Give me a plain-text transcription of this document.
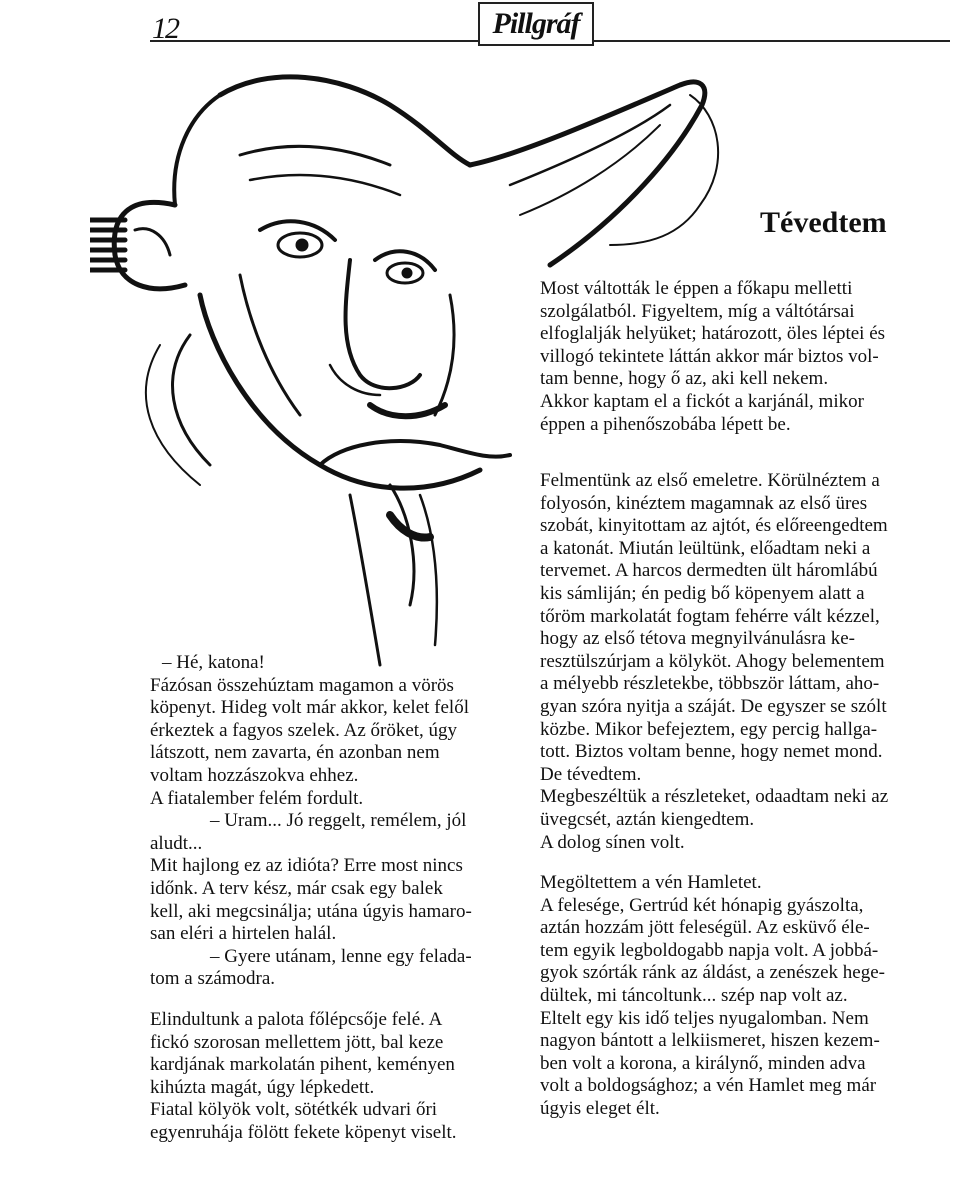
12	Pillgráf
Tévedtem

Most váltották le éppen a főkapu melletti

szolgálatból. Figyeltem, míg a váltótársai

elfoglalják helyüket; határozott, öles léptei és

villogó tekintete láttán akkor már biztos vol-

tam benne, hogy ő az, aki kell nekem.

Akkor kaptam el a fickót a karjánál, mikor

éppen a pihenőszobába lépett be.

Felmentünk az első emeletre. Körülnéztem a

folyosón, kinéztem magamnak az első üres

szobát, kinyitottam az ajtót, és előreengedtem

a katonát. Miután leültünk, előadtam neki a

tervemet. A harcos dermedten ült háromlábú

kis sámliján; én pedig bő köpenyem alatt a

tőröm markolatát fogtam fehérre vált kézzel,

hogy az első tétova megnyilvánulásra ke-

resztülszúrjam a kölyköt. Ahogy belementem

a mélyebb részletekbe, többször láttam, aho-

gyan szóra nyitja a száját. De egyszer se szólt

közbe. Mikor befejeztem, egy percig hallga-

tott. Biztos voltam benne, hogy nemet mond.

De tévedtem.

Megbeszéltük a részleteket, odaadtam neki az

üvegcsét, aztán kiengedtem.

A dolog sínen volt.

Megöltettem a vén Hamletet.

A felesége, Gertrúd két hónapig gyászolta,

aztán hozzám jött feleségül. Az esküvő éle-

tem egyik legboldogabb napja volt. A jobbá-

gyok szórták ránk az áldást, a zenészek hege-

dültek, mi táncoltunk... szép nap volt az.

Eltelt egy kis idő teljes nyugalomban. Nem

nagyon bántott a lelkiismeret, hiszen kezem-

ben volt a korona, a királynő, minden adva

volt a boldogsághoz; a vén Hamlet meg már

úgyis eleget élt.

– Hé, katona!

Fázósan összehúztam magamon a vörös

köpenyt. Hideg volt már akkor, kelet felől

érkeztek a fagyos szelek. Az őröket, úgy

látszott, nem zavarta, én azonban nem

voltam hozzászokva ehhez.

A fiatalember felém fordult.

– Uram... Jó reggelt, remélem, jól

aludt...

Mit hajlong ez az idióta? Erre most nincs

időnk. A terv kész, már csak egy balek

kell, aki megcsinálja; utána úgyis hamaro-

san eléri a hirtelen halál.

– Gyere utánam, lenne egy felada-

tom a számodra.

Elindultunk a palota főlépcsője felé. A

fickó szorosan mellettem jött, bal keze

kardjának markolatán pihent, keményen

kihúzta magát, úgy lépkedett.

Fiatal kölyök volt, sötétkék udvari őri

egyenruhája fölött fekete köpenyt viselt.
